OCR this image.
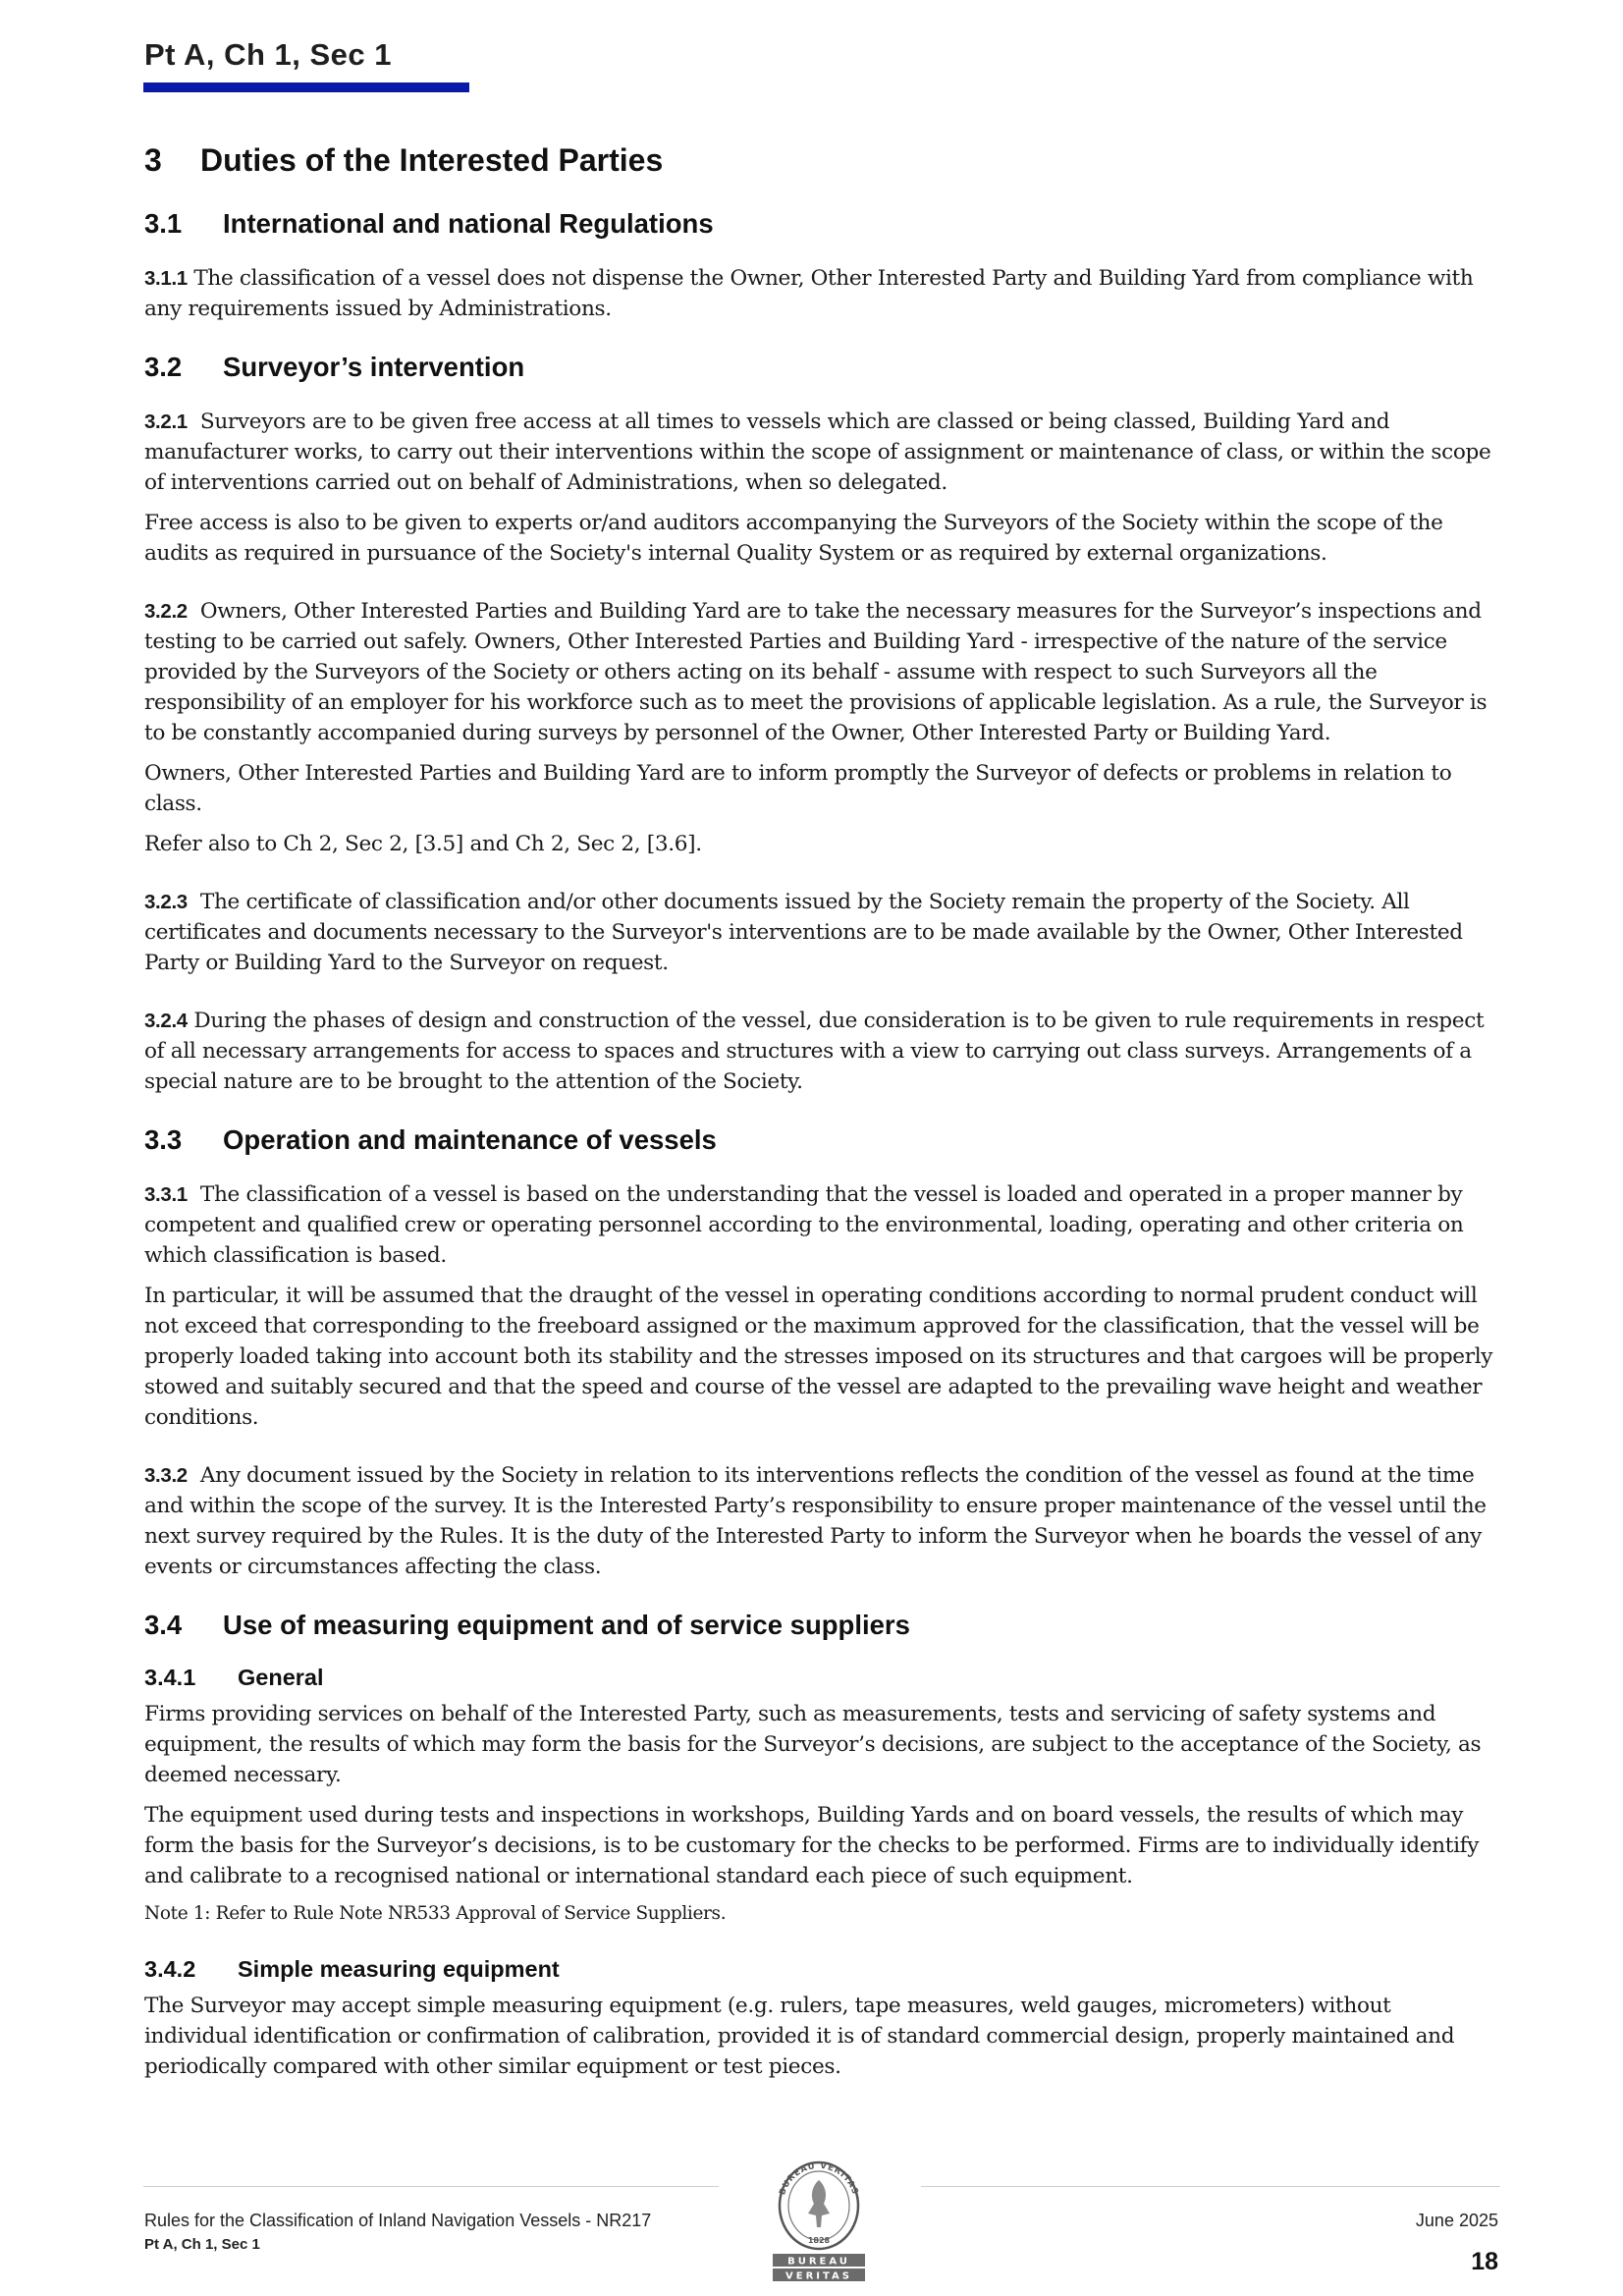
Pt A, Ch 1, Sec 1
3 Duties of the Interested Parties
3.1 International and national Regulations

3.1.1 The classification of a vessel does not dispense the Owner, Other Interested Party and Building Yard from compliance with any requirements issued by Administrations.

3.2 Surveyor’s intervention

3.2.1 Surveyors are to be given free access at all times to vessels which are classed or being classed, Building Yard and manufacturer works, to carry out their interventions within the scope of assignment or maintenance of class, or within the scope of interventions carried out on behalf of Administrations, when so delegated.

Free access is also to be given to experts or/and auditors accompanying the Surveyors of the Society within the scope of the audits as required in pursuance of the Society's internal Quality System or as required by external organizations.

3.2.2 Owners, Other Interested Parties and Building Yard are to take the necessary measures for the Surveyor’s inspections and testing to be carried out safely. Owners, Other Interested Parties and Building Yard - irrespective of the nature of the service provided by the Surveyors of the Society or others acting on its behalf - assume with respect to such Surveyors all the responsibility of an employer for his workforce such as to meet the provisions of applicable legislation. As a rule, the Surveyor is to be constantly accompanied during surveys by personnel of the Owner, Other Interested Party or Building Yard.

Owners, Other Interested Parties and Building Yard are to inform promptly the Surveyor of defects or problems in relation to class.

Refer also to Ch 2, Sec 2, [3.5] and Ch 2, Sec 2, [3.6].

3.2.3 The certificate of classification and/or other documents issued by the Society remain the property of the Society. All certificates and documents necessary to the Surveyor's interventions are to be made available by the Owner, Other Interested Party or Building Yard to the Surveyor on request.

3.2.4 During the phases of design and construction of the vessel, due consideration is to be given to rule requirements in respect of all necessary arrangements for access to spaces and structures with a view to carrying out class surveys. Arrangements of a special nature are to be brought to the attention of the Society.

3.3 Operation and maintenance of vessels

3.3.1 The classification of a vessel is based on the understanding that the vessel is loaded and operated in a proper manner by competent and qualified crew or operating personnel according to the environmental, loading, operating and other criteria on which classification is based.

In particular, it will be assumed that the draught of the vessel in operating conditions according to normal prudent conduct will not exceed that corresponding to the freeboard assigned or the maximum approved for the classification, that the vessel will be properly loaded taking into account both its stability and the stresses imposed on its structures and that cargoes will be properly stowed and suitably secured and that the speed and course of the vessel are adapted to the prevailing wave height and weather conditions.

3.3.2 Any document issued by the Society in relation to its interventions reflects the condition of the vessel as found at the time and within the scope of the survey. It is the Interested Party’s responsibility to ensure proper maintenance of the vessel until the next survey required by the Rules. It is the duty of the Interested Party to inform the Surveyor when he boards the vessel of any events or circumstances affecting the class.

3.4 Use of measuring equipment and of service suppliers
3.4.1 General

Firms providing services on behalf of the Interested Party, such as measurements, tests and servicing of safety systems and equipment, the results of which may form the basis for the Surveyor’s decisions, are subject to the acceptance of the Society, as deemed necessary.

The equipment used during tests and inspections in workshops, Building Yards and on board vessels, the results of which may form the basis for the Surveyor’s decisions, is to be customary for the checks to be performed. Firms are to individually identify and calibrate to a recognised national or international standard each piece of such equipment.

Note 1: Refer to Rule Note NR533 Approval of Service Suppliers.

3.4.2 Simple measuring equipment

The Surveyor may accept simple measuring equipment (e.g. rulers, tape measures, weld gauges, micrometers) without individual identification or confirmation of calibration, provided it is of standard commercial design, properly maintained and periodically compared with other similar equipment or test pieces.

Rules for the Classification of Inland Navigation Vessels - NR217
Pt A, Ch 1, Sec 1
June 2025
18
BUREAU VERITAS
1828
BUREAU
VERITAS
